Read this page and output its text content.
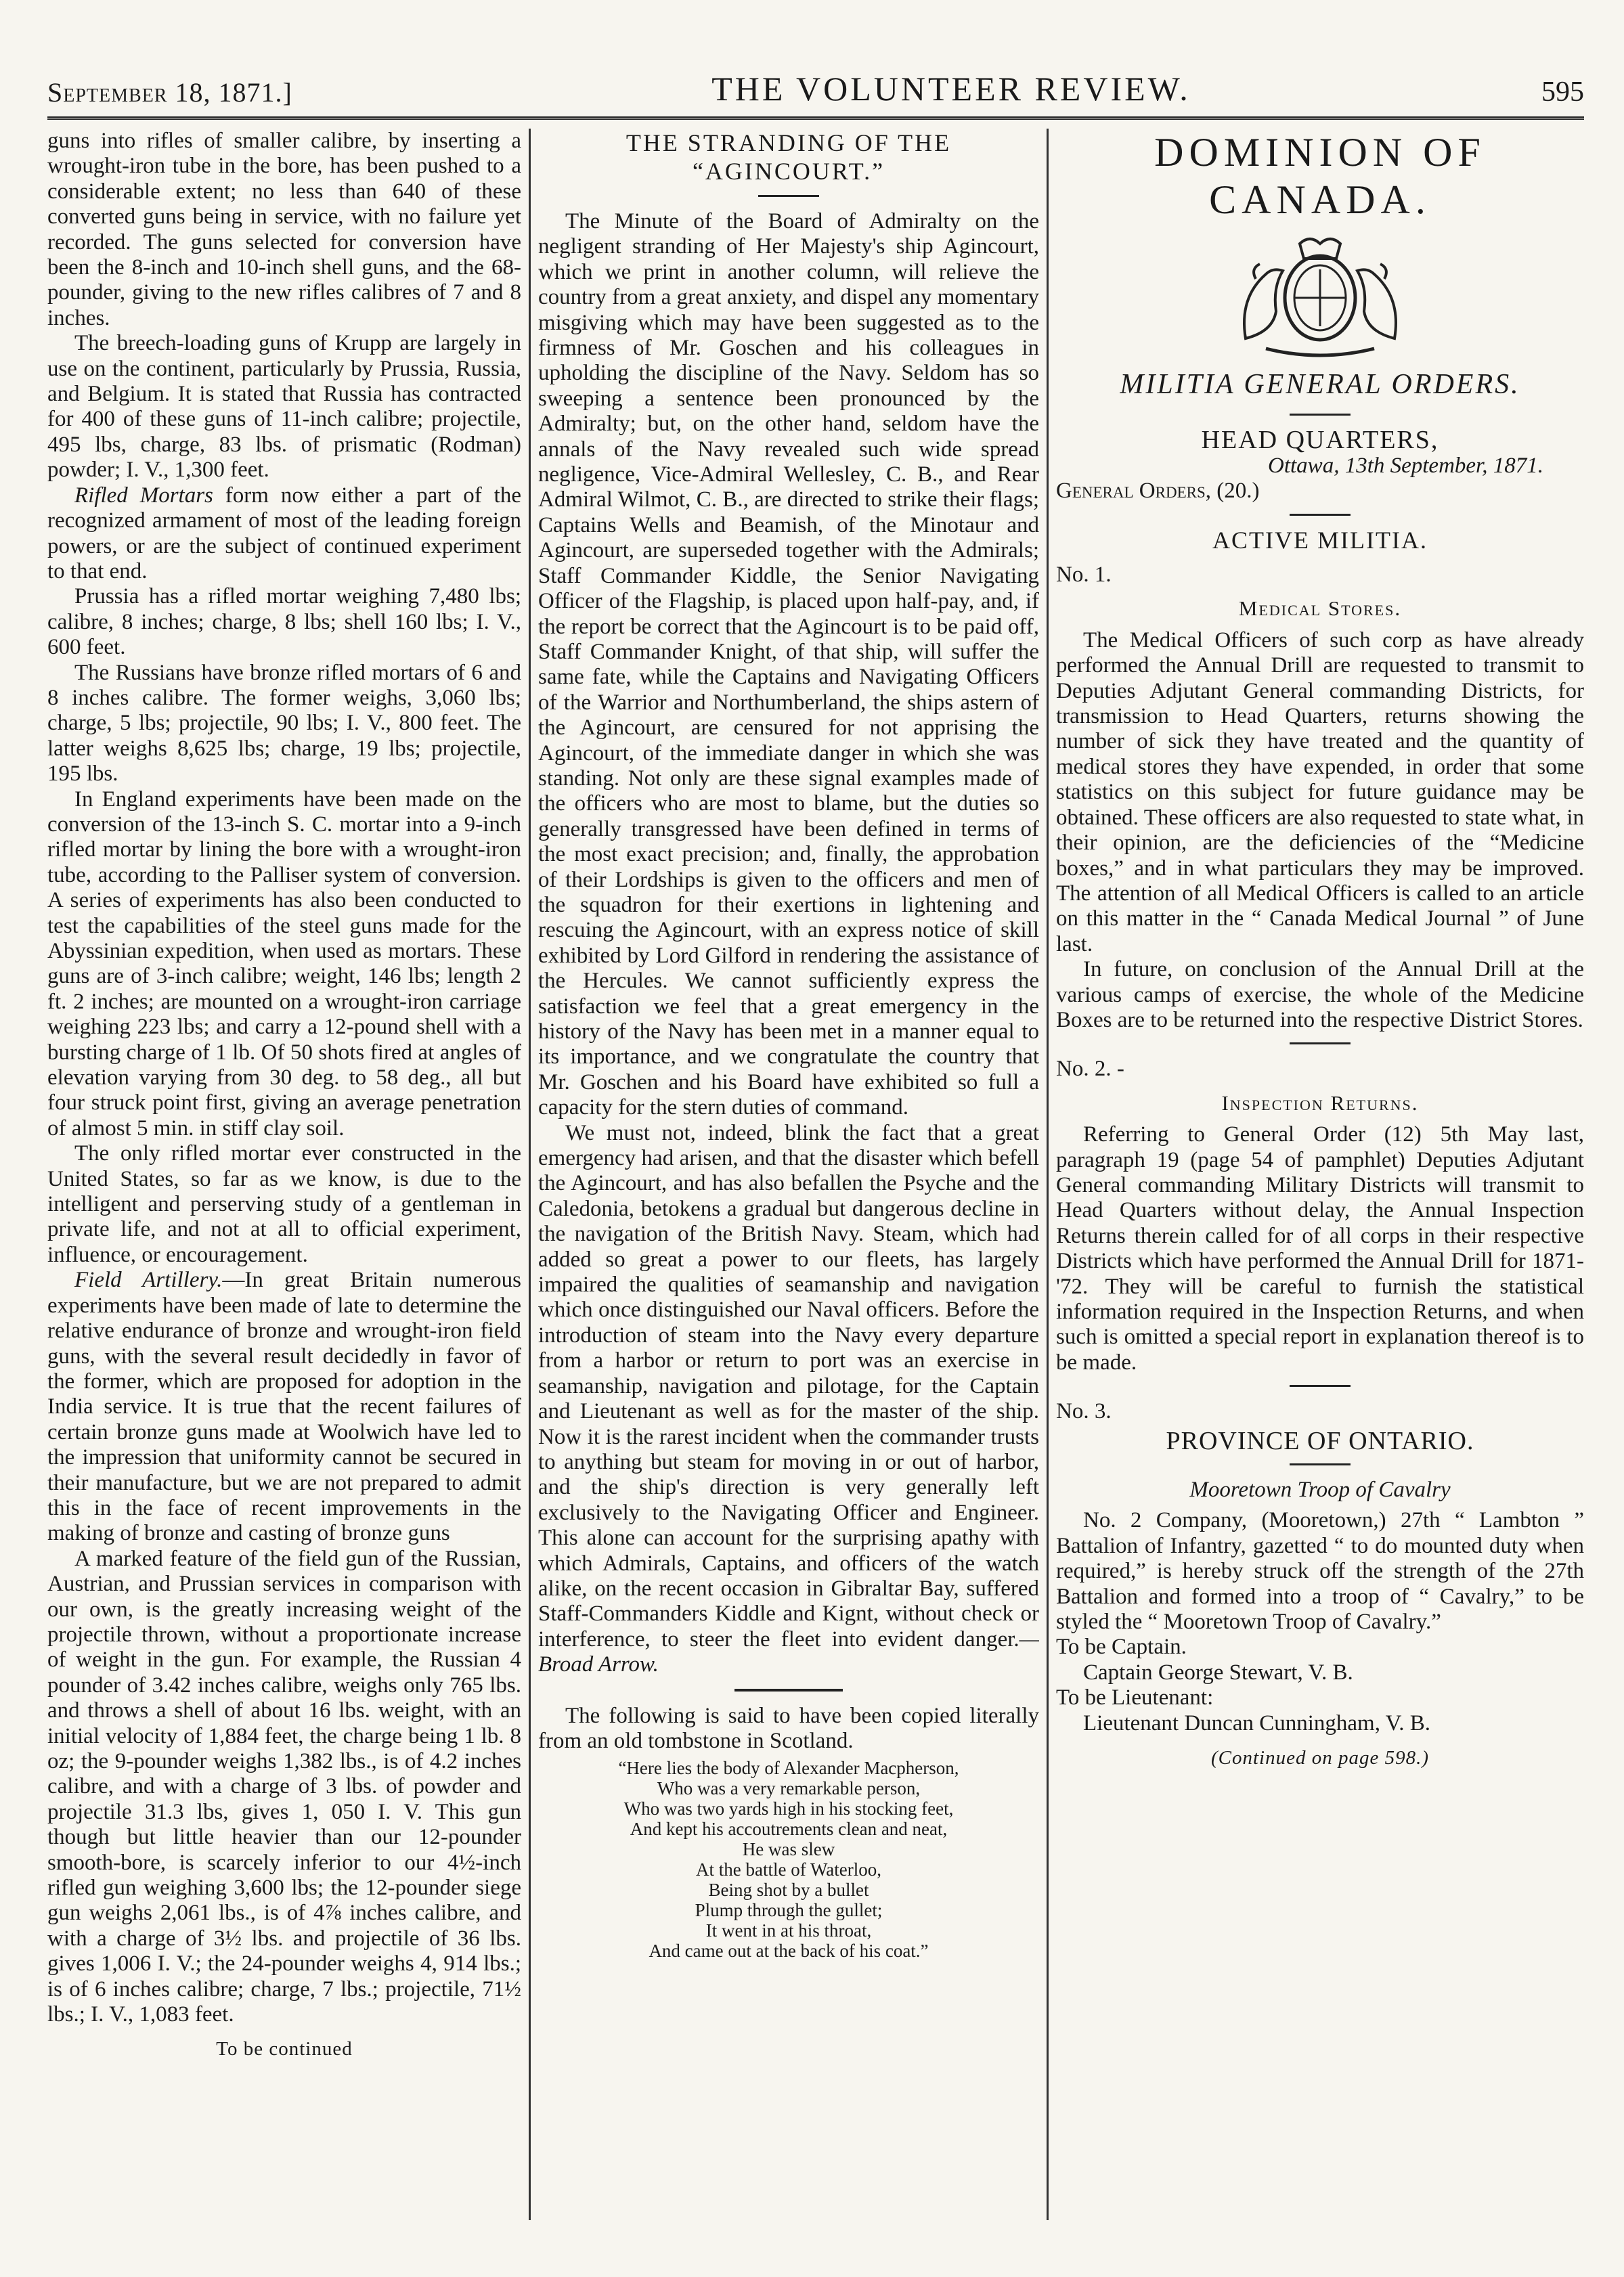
September 18, 1871.]	THE VOLUNTEER REVIEW.	595

guns into rifles of smaller calibre, by inserting a wrought-iron tube in the bore, has been pushed to a considerable extent; no less than 640 of these converted guns being in service, with no failure yet recorded. The guns selected for conversion have been the 8-inch and 10-inch shell guns, and the 68-pounder, giving to the new rifles calibres of 7 and 8 inches.

The breech-loading guns of Krupp are largely in use on the continent, particularly by Prussia, Russia, and Belgium. It is stated that Russia has contracted for 400 of these guns of 11-inch calibre; projectile, 495 lbs, charge, 83 lbs. of prismatic (Rodman) powder; I. V., 1,300 feet.

Rifled Mortars form now either a part of the recognized armament of most of the leading foreign powers, or are the subject of continued experiment to that end.

Prussia has a rifled mortar weighing 7,480 lbs; calibre, 8 inches; charge, 8 lbs; shell 160 lbs; I. V., 600 feet.

The Russians have bronze rifled mortars of 6 and 8 inches calibre. The former weighs, 3,060 lbs; charge, 5 lbs; projectile, 90 lbs; I. V., 800 feet. The latter weighs 8,625 lbs; charge, 19 lbs; projectile, 195 lbs.

In England experiments have been made on the conversion of the 13-inch S. C. mortar into a 9-inch rifled mortar by lining the bore with a wrought-iron tube, according to the Palliser system of conversion. A series of experiments has also been conducted to test the capabilities of the steel guns made for the Abyssinian expedition, when used as mortars. These guns are of 3-inch calibre; weight, 146 lbs; length 2 ft. 2 inches; are mounted on a wrought-iron carriage weighing 223 lbs; and carry a 12-pound shell with a bursting charge of 1 lb. Of 50 shots fired at angles of elevation varying from 30 deg. to 58 deg., all but four struck point first, giving an average penetration of almost 5 min. in stiff clay soil.

The only rifled mortar ever constructed in the United States, so far as we know, is due to the intelligent and perserving study of a gentleman in private life, and not at all to official experiment, influence, or encouragement.

Field Artillery.—In great Britain numerous experiments have been made of late to determine the relative endurance of bronze and wrought-iron field guns, with the several result decidedly in favor of the former, which are proposed for adoption in the India service. It is true that the recent failures of certain bronze guns made at Woolwich have led to the impression that uniformity cannot be secured in their manufacture, but we are not prepared to admit this in the face of recent improvements in the making of bronze and casting of bronze guns

A marked feature of the field gun of the Russian, Austrian, and Prussian services in comparison with our own, is the greatly increasing weight of the projectile thrown, without a proportionate increase of weight in the gun. For example, the Russian 4 pounder of 3.42 inches calibre, weighs only 765 lbs. and throws a shell of about 16 lbs. weight, with an initial velocity of 1,884 feet, the charge being 1 lb. 8 oz; the 9-pounder weighs 1,382 lbs., is of 4.2 inches calibre, and with a charge of 3 lbs. of powder and projectile 31.3 lbs, gives 1, 050 I. V. This gun though but little heavier than our 12-pounder smooth-bore, is scarcely inferior to our 4½-inch rifled gun weighing 3,600 lbs; the 12-pounder siege gun weighs 2,061 lbs., is of 4⅞ inches calibre, and with a charge of 3½ lbs. and projectile of 36 lbs. gives 1,006 I. V.; the 24-pounder weighs 4, 914 lbs.; is of 6 inches calibre; charge, 7 lbs.; projectile, 71½ lbs.; I. V., 1,083 feet.

To be continued
THE STRANDING OF THE “AGINCOURT.”

The Minute of the Board of Admiralty on the negligent stranding of Her Majesty's ship Agincourt, which we print in another column, will relieve the country from a great anxiety, and dispel any momentary misgiving which may have been suggested as to the firmness of Mr. Goschen and his colleagues in upholding the discipline of the Navy. Seldom has so sweeping a sentence been pronounced by the Admiralty; but, on the other hand, seldom have the annals of the Navy revealed such wide spread negligence, Vice-Admiral Wellesley, C. B., and Rear Admiral Wilmot, C. B., are directed to strike their flags; Captains Wells and Beamish, of the Minotaur and Agincourt, are superseded together with the Admirals; Staff Commander Kiddle, the Senior Navigating Officer of the Flagship, is placed upon half-pay, and, if the report be correct that the Agincourt is to be paid off, Staff Commander Knight, of that ship, will suffer the same fate, while the Captains and Navigating Officers of the Warrior and Northumberland, the ships astern of the Agincourt, are censured for not apprising the Agincourt, of the immediate danger in which she was standing. Not only are these signal examples made of the officers who are most to blame, but the duties so generally transgressed have been defined in terms of the most exact precision; and, finally, the approbation of their Lordships is given to the officers and men of the squadron for their exertions in lightening and rescuing the Agincourt, with an express notice of skill exhibited by Lord Gilford in rendering the assistance of the Hercules. We cannot sufficiently express the satisfaction we feel that a great emergency in the history of the Navy has been met in a manner equal to its importance, and we congratulate the country that Mr. Goschen and his Board have exhibited so full a capacity for the stern duties of command.

We must not, indeed, blink the fact that a great emergency had arisen, and that the disaster which befell the Agincourt, and has also befallen the Psyche and the Caledonia, betokens a gradual but dangerous decline in the navigation of the British Navy. Steam, which had added so great a power to our fleets, has largely impaired the qualities of seamanship and navigation which once distinguished our Naval officers. Before the introduction of steam into the Navy every departure from a harbor or return to port was an exercise in seamanship, navigation and pilotage, for the Captain and Lieutenant as well as for the master of the ship. Now it is the rarest incident when the commander trusts to anything but steam for moving in or out of harbor, and the ship's direction is very generally left exclusively to the Navigating Officer and Engineer. This alone can account for the surprising apathy with which Admirals, Captains, and officers of the watch alike, on the recent occasion in Gibraltar Bay, suffered Staff-Commanders Kiddle and Kignt, without check or interference, to steer the fleet into evident danger.—Broad Arrow.

The following is said to have been copied literally from an old tombstone in Scotland.

“Here lies the body of Alexander Macpherson,
Who was a very remarkable person,
Who was two yards high in his stocking feet,
And kept his accoutrements clean and neat,
He was slew
At the battle of Waterloo,
Being shot by a bullet
Plump through the gullet;
It went in at his throat,
And came out at the back of his coat.”
DOMINION OF CANADA.
MILITIA GENERAL ORDERS.
HEAD QUARTERS,
Ottawa, 13th September, 1871.
General Orders, (20.)
ACTIVE MILITIA.
No. 1.
Medical Stores.

The Medical Officers of such corp as have already performed the Annual Drill are requested to transmit to Deputies Adjutant General commanding Districts, for transmission to Head Quarters, returns showing the number of sick they have treated and the quantity of medical stores they have expended, in order that some statistics on this subject for future guidance may be obtained. These officers are also requested to state what, in their opinion, are the deficiencies of the “Medicine boxes,” and in what particulars they may be improved. The attention of all Medical Officers is called to an article on this matter in the “ Canada Medical Journal ” of June last.

In future, on conclusion of the Annual Drill at the various camps of exercise, the whole of the Medicine Boxes are to be returned into the respective District Stores.

No. 2. -
Inspection Returns.

Referring to General Order (12) 5th May last, paragraph 19 (page 54 of pamphlet) Deputies Adjutant General commanding Military Districts will transmit to Head Quarters without delay, the Annual Inspection Returns therein called for of all corps in their respective Districts which have performed the Annual Drill for 1871-'72. They will be careful to furnish the statistical information required in the Inspection Returns, and when such is omitted a special report in explanation thereof is to be made.

No. 3.
PROVINCE OF ONTARIO.
Mooretown Troop of Cavalry

No. 2 Company, (Mooretown,) 27th “ Lambton ” Battalion of Infantry, gazetted “ to do mounted duty when required,” is hereby struck off the strength of the 27th Battalion and formed into a troop of “ Cavalry,” to be styled the “ Mooretown Troop of Cavalry.”

To be Captain.

Captain George Stewart, V. B.

To be Lieutenant:

Lieutenant Duncan Cunningham, V. B.

(Continued on page 598.)
